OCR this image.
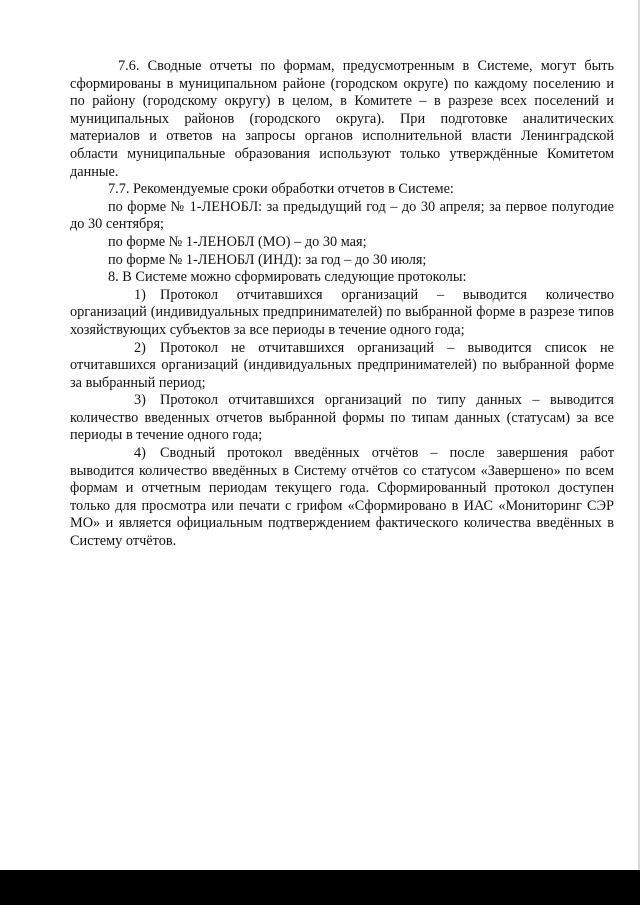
7.6. Сводные отчеты по формам, предусмотренным в Системе, могут быть сформированы в муниципальном районе (городском округе) по каждому поселению и по району (городскому округу) в целом, в Комитете – в разрезе всех поселений и муниципальных районов (городского округа). При подготовке аналитических материалов и ответов на запросы органов исполнительной власти Ленинградской области муниципальные образования используют только утверждённые Комитетом данные.

7.7. Рекомендуемые сроки обработки отчетов в Системе:

по форме № 1-ЛЕНОБЛ: за предыдущий год – до 30 апреля; за первое полугодие до 30 сентября;

по форме № 1-ЛЕНОБЛ (МО) – до 30 мая;

по форме № 1-ЛЕНОБЛ (ИНД): за год – до 30 июля;

8. В Системе можно сформировать следующие протоколы:

1) Протокол отчитавшихся организаций – выводится количество организаций (индивидуальных предпринимателей) по выбранной форме в разрезе типов хозяйствующих субъектов за все периоды в течение одного года;

2) Протокол не отчитавшихся организаций – выводится список не отчитавшихся организаций (индивидуальных предпринимателей) по выбранной форме за выбранный период;

3) Протокол отчитавшихся организаций по типу данных – выводится количество введенных отчетов выбранной формы по типам данных (статусам) за все периоды в течение одного года;

4) Сводный протокол введённых отчётов – после завершения работ выводится количество введённых в Систему отчётов со статусом «Завершено» по всем формам и отчетным периодам текущего года. Сформированный протокол доступен только для просмотра или печати с грифом «Сформировано в ИАС «Мониторинг СЭР МО» и является официальным подтверждением фактического количества введённых в Систему отчётов.
